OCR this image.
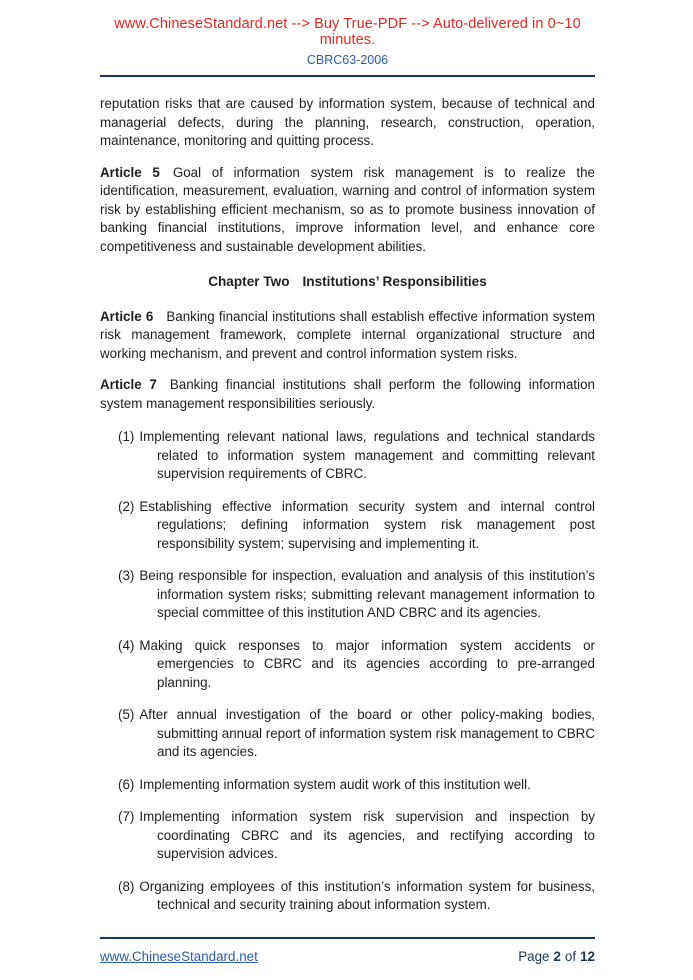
www.ChineseStandard.net --> Buy True-PDF --> Auto-delivered in 0~10 minutes.
CBRC63-2006

reputation risks that are caused by information system, because of technical and managerial defects, during the planning, research, construction, operation, maintenance, monitoring and quitting process.

Article 5 Goal of information system risk management is to realize the identification, measurement, evaluation, warning and control of information system risk by establishing efficient mechanism, so as to promote business innovation of banking financial institutions, improve information level, and enhance core competitiveness and sustainable development abilities.

Chapter Two Institutions’ Responsibilities

Article 6 Banking financial institutions shall establish effective information system risk management framework, complete internal organizational structure and working mechanism, and prevent and control information system risks.

Article 7 Banking financial institutions shall perform the following information system management responsibilities seriously.

(1) Implementing relevant national laws, regulations and technical standards related to information system management and committing relevant supervision requirements of CBRC.
(2) Establishing effective information security system and internal control regulations; defining information system risk management post responsibility system; supervising and implementing it.
(3) Being responsible for inspection, evaluation and analysis of this institution’s information system risks; submitting relevant management information to special committee of this institution AND CBRC and its agencies.
(4) Making quick responses to major information system accidents or emergencies to CBRC and its agencies according to pre-arranged planning.
(5) After annual investigation of the board or other policy-making bodies, submitting annual report of information system risk management to CBRC and its agencies.
(6) Implementing information system audit work of this institution well.
(7) Implementing information system risk supervision and inspection by coordinating CBRC and its agencies, and rectifying according to supervision advices.
(8) Organizing employees of this institution’s information system for business, technical and security training about information system.
www.ChineseStandard.net	Page 2 of 12
